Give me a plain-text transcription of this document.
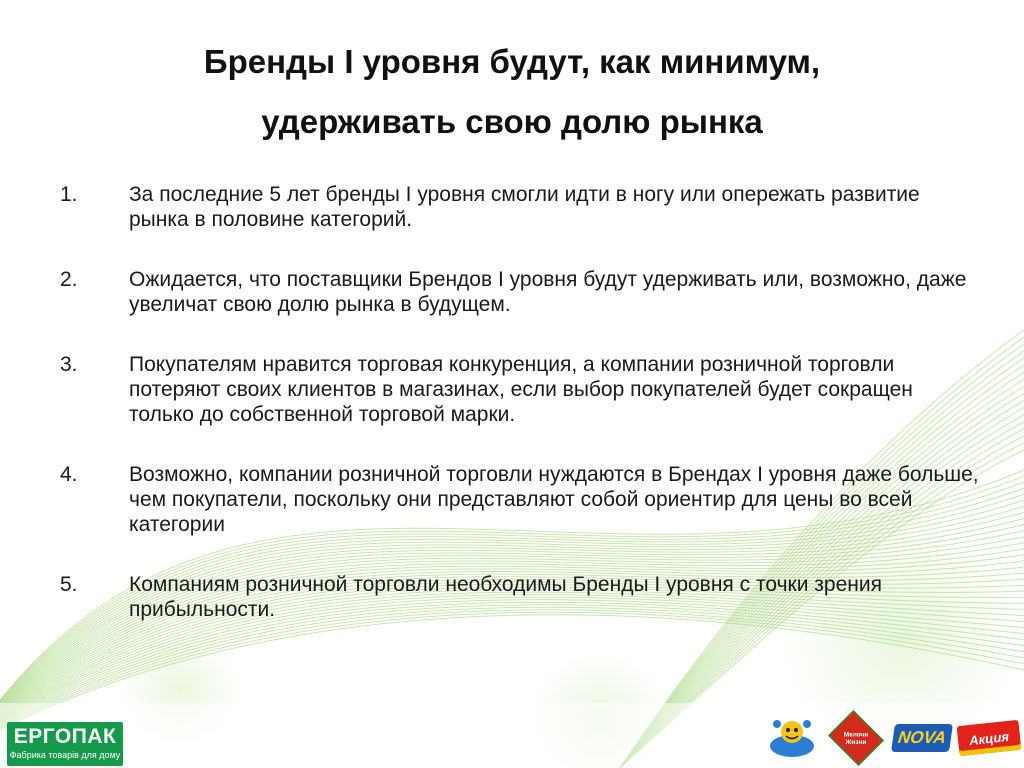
Бренды I уровня будут, как минимум,
удерживать свою долю рынка
1.	За последние 5 лет бренды I уровня смогли идти в ногу или опережать развитие рынка в половине категорий.
2.	Ожидается, что поставщики Брендов I уровня будут удерживать или, возможно, даже увеличат свою долю рынка в будущем.
3.	Покупателям нравится торговая конкуренция, а компании розничной торговли потеряют своих клиентов в магазинах, если выбор покупателей будет сокращен только до собственной торговой марки.
4.	Возможно, компании розничной торговли нуждаются в Брендах I уровня даже больше, чем покупатели, поскольку они представляют собой ориентир для цены во всей категории
5.	Компаниям розничной торговли необходимы Бренды I уровня с точки зрения прибыльности.
ЕРГОПАК
Фабрика товарів для дому
Мелочи Жизни	NOVA Акция
